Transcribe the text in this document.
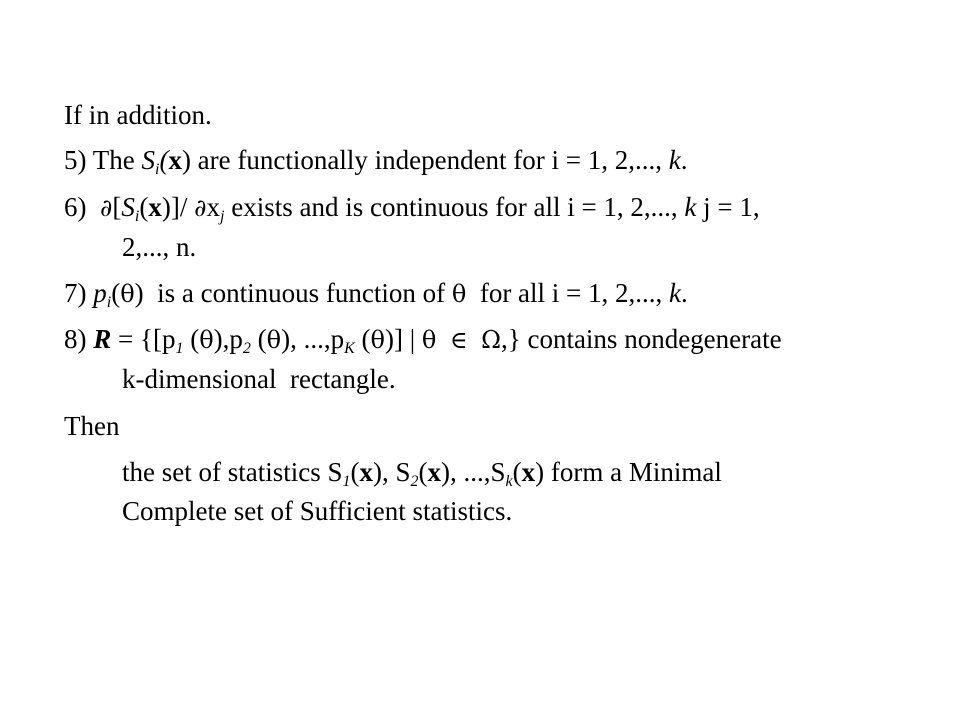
If in addition.
5) The $S_i(x)$ are functionally independent for i = 1, 2,..., k.
6)  $\partial[S_i(x)]/$ $\partial x_j$ exists and is continuous for all i = 1, 2,..., k j = 1,
2,..., n.
7) $p_i(\theta)$  is a continuous function of θ  for all i = 1, 2,..., k.
8) $R = \{[p_1$ $(\theta),p_2$ (θ), $...,p_K$ (θ)] | θ ∈ Ω,} contains nondegenerate
k-dimensional  rectangle.
Then
the set of statistics $S_1(x)$, $S_2(x)$, $...,S_k(x)$ form a Minimal
Complete set of Sufficient statistics.
